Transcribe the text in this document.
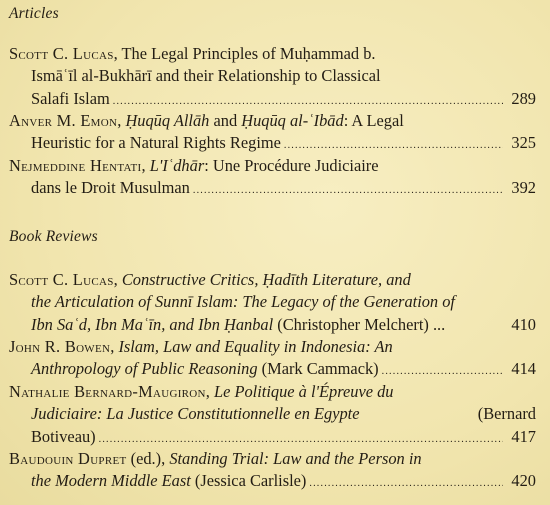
Articles
Scott C. Lucas, The Legal Principles of Muḥammad b.
Ismāʿīl al-Bukhārī and their Relationship to Classical
Salafi Islam .....	289
Anver M. Emon, Ḥuqūq Allāh and Ḥuqūq al-ʿIbād: A Legal
Heuristic for a Natural Rights Regime .....	325
Nejmeddine Hentati, L'Iʿdhār: Une Procédure Judiciaire
dans le Droit Musulman .....	392
Book Reviews
Scott C. Lucas, Constructive Critics, Ḥadīth Literature, and
the Articulation of Sunnī Islam: The Legacy of the Generation of
Ibn Saʿd, Ibn Maʿīn, and Ibn Ḥanbal (Christopher Melchert) ...	410
John R. Bowen, Islam, Law and Equality in Indonesia: An
Anthropology of Public Reasoning (Mark Cammack) .....	414
Nathalie Bernard-Maugiron, Le Politique à l'Épreuve du
Judiciaire: La Justice Constitutionnelle en Egypte	(Bernard
Botiveau) .....	417
Baudouin Dupret (ed.), Standing Trial: Law and the Person in
the Modern Middle East (Jessica Carlisle) .....	420
